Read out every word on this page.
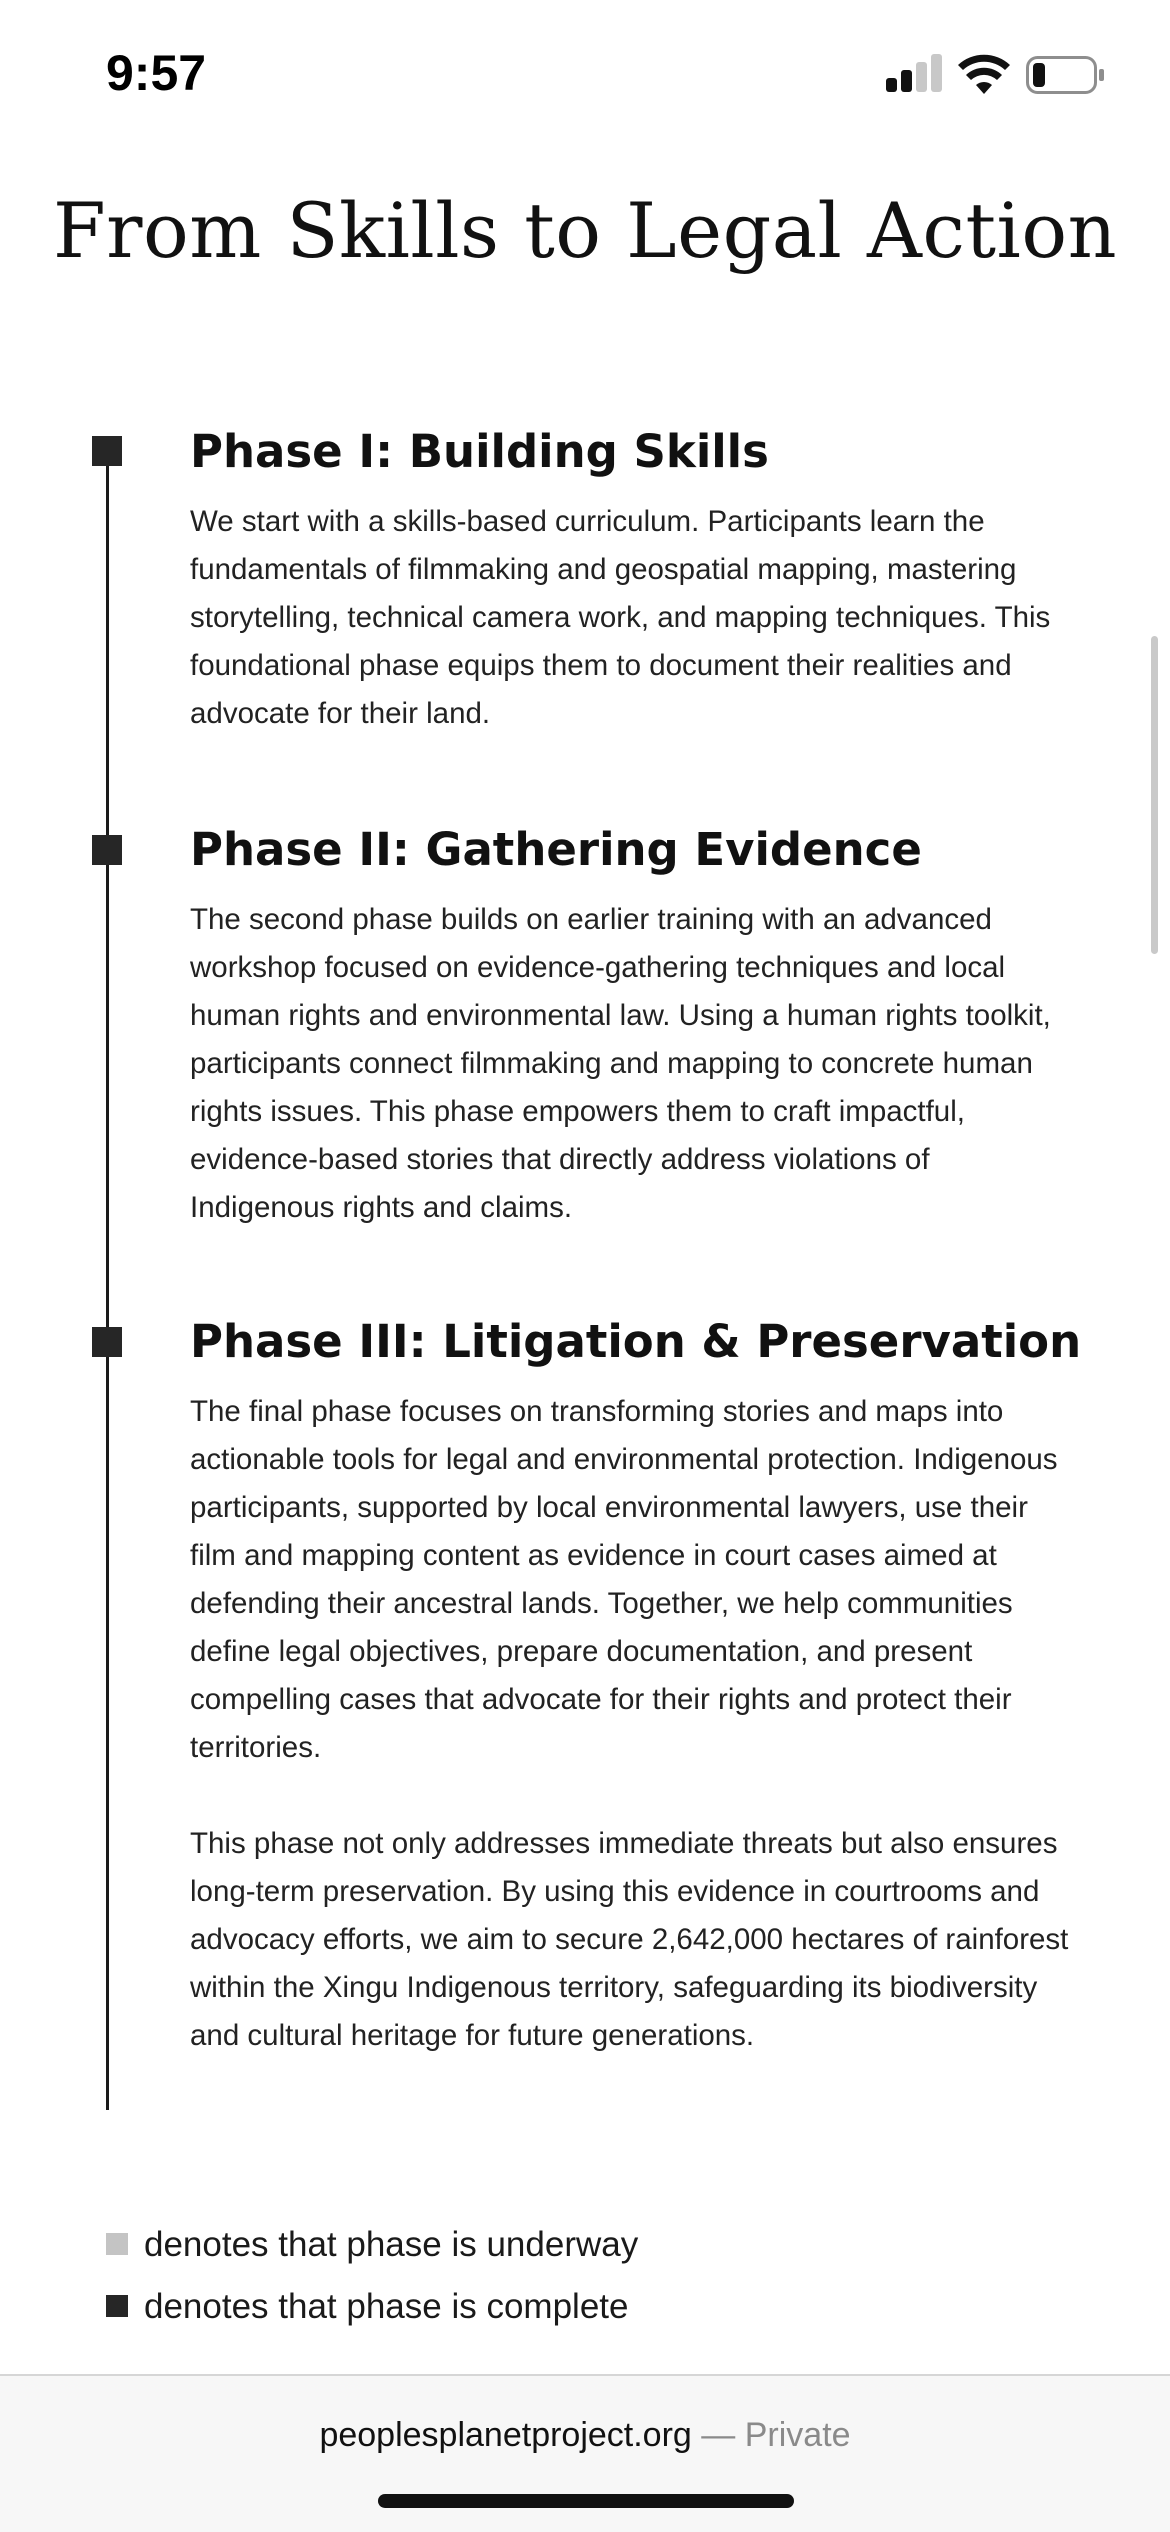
9:57
From Skills to Legal Action
Phase I: Building Skills

We start with a skills-based curriculum. Participants learn the fundamentals of filmmaking and geospatial mapping, mastering storytelling, technical camera work, and mapping techniques. This foundational phase equips them to document their realities and advocate for their land.

Phase II: Gathering Evidence

The second phase builds on earlier training with an advanced workshop focused on evidence-gathering techniques and local human rights and environmental law. Using a human rights toolkit, participants connect filmmaking and mapping to concrete human rights issues. This phase empowers them to craft impactful, evidence-based stories that directly address violations of Indigenous rights and claims.

Phase III: Litigation & Preservation

The final phase focuses on transforming stories and maps into actionable tools for legal and environmental protection. Indigenous participants, supported by local environmental lawyers, use their film and mapping content as evidence in court cases aimed at defending their ancestral lands. Together, we help communities define legal objectives, prepare documentation, and present compelling cases that advocate for their rights and protect their territories.

This phase not only addresses immediate threats but also ensures long-term preservation. By using this evidence in courtrooms and advocacy efforts, we aim to secure 2,642,000 hectares of rainforest within the Xingu Indigenous territory, safeguarding its biodiversity and cultural heritage for future generations.

denotes that phase is underway
denotes that phase is complete
peoplesplanetproject.org — Private
